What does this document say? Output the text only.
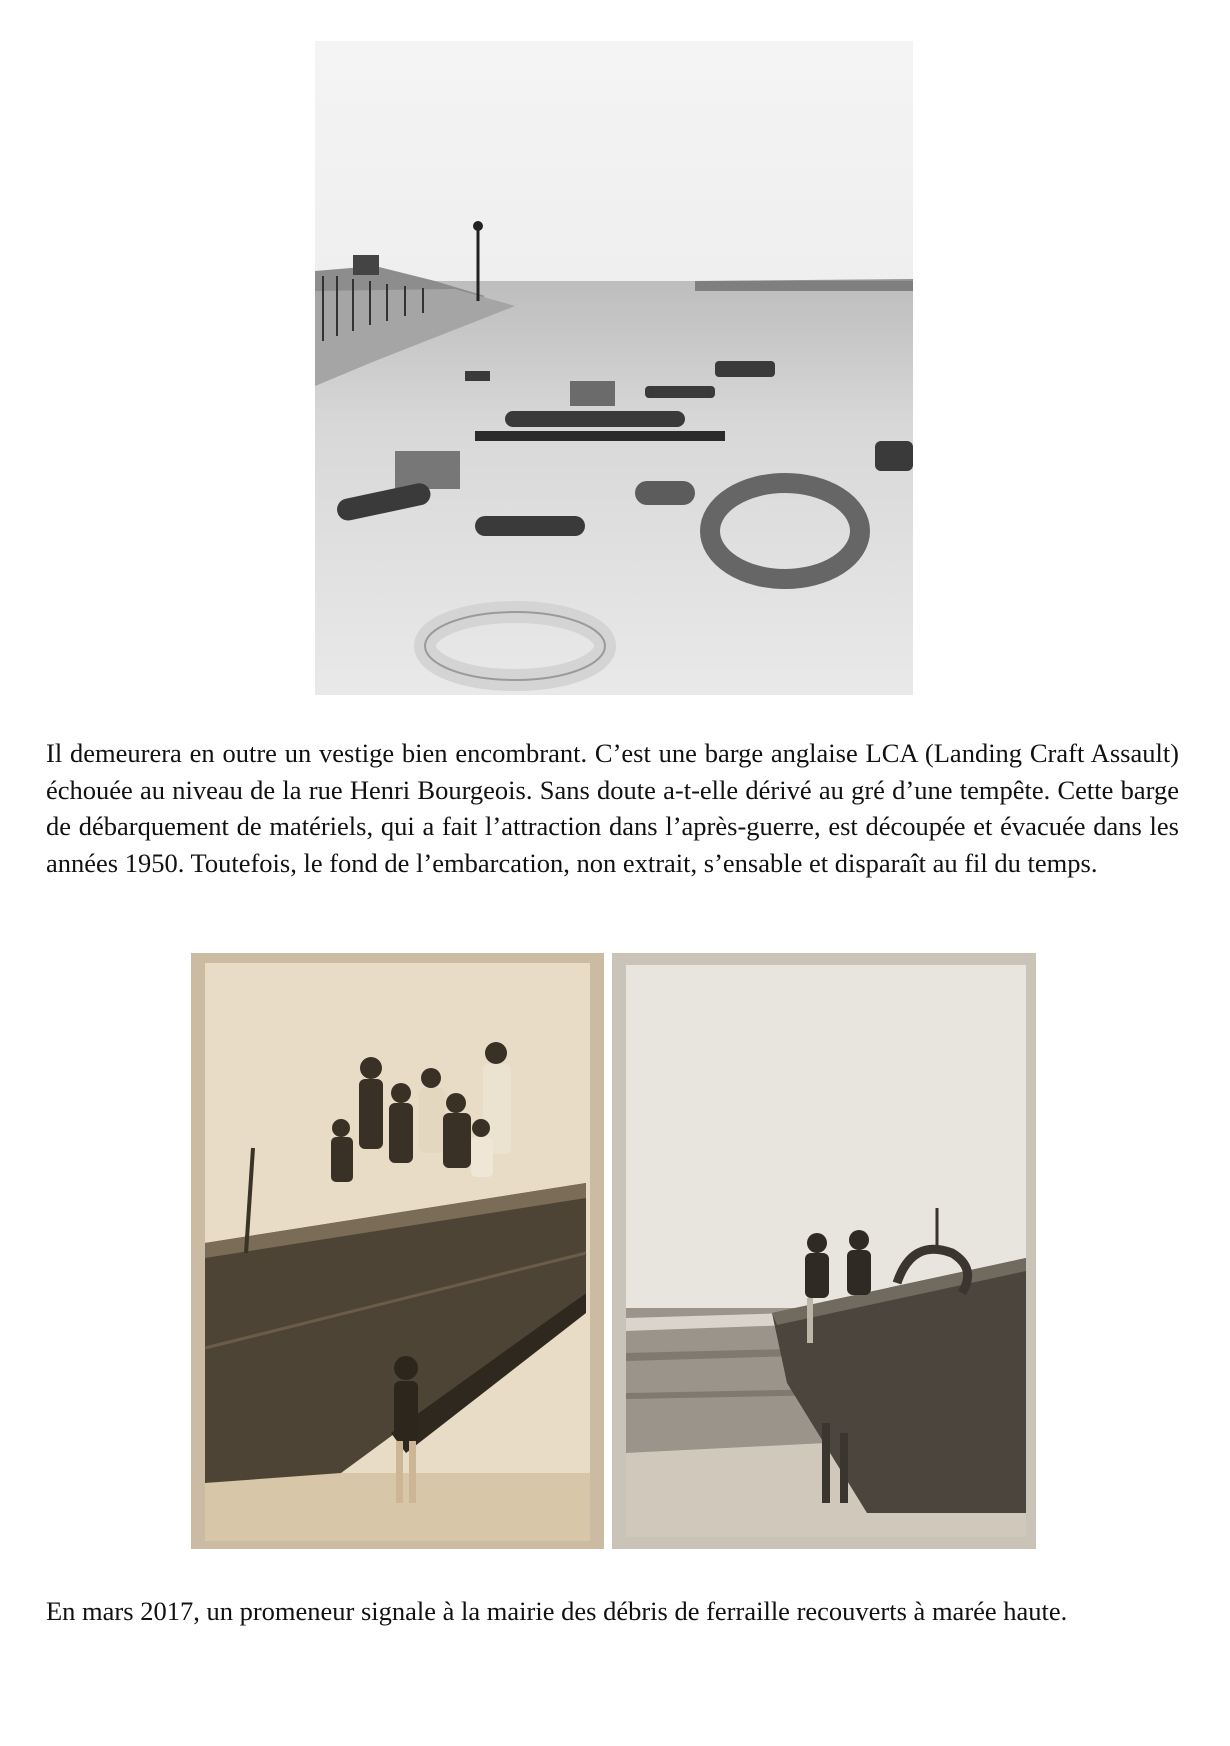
Il demeurera en outre un vestige bien encombrant. C’est une barge anglaise LCA (Landing Craft Assault) échouée au niveau de la rue Henri Bourgeois. Sans doute a-t-elle dérivé au gré d’une tempête. Cette barge de débarquement de matériels, qui a fait l’attraction dans l’après-guerre, est découpée et évacuée dans les années 1950. Toutefois, le fond de l’embarcation, non extrait, s’ensable et disparaît au fil du temps.

En mars 2017, un promeneur signale à la mairie des débris de ferraille recouverts à marée haute.
